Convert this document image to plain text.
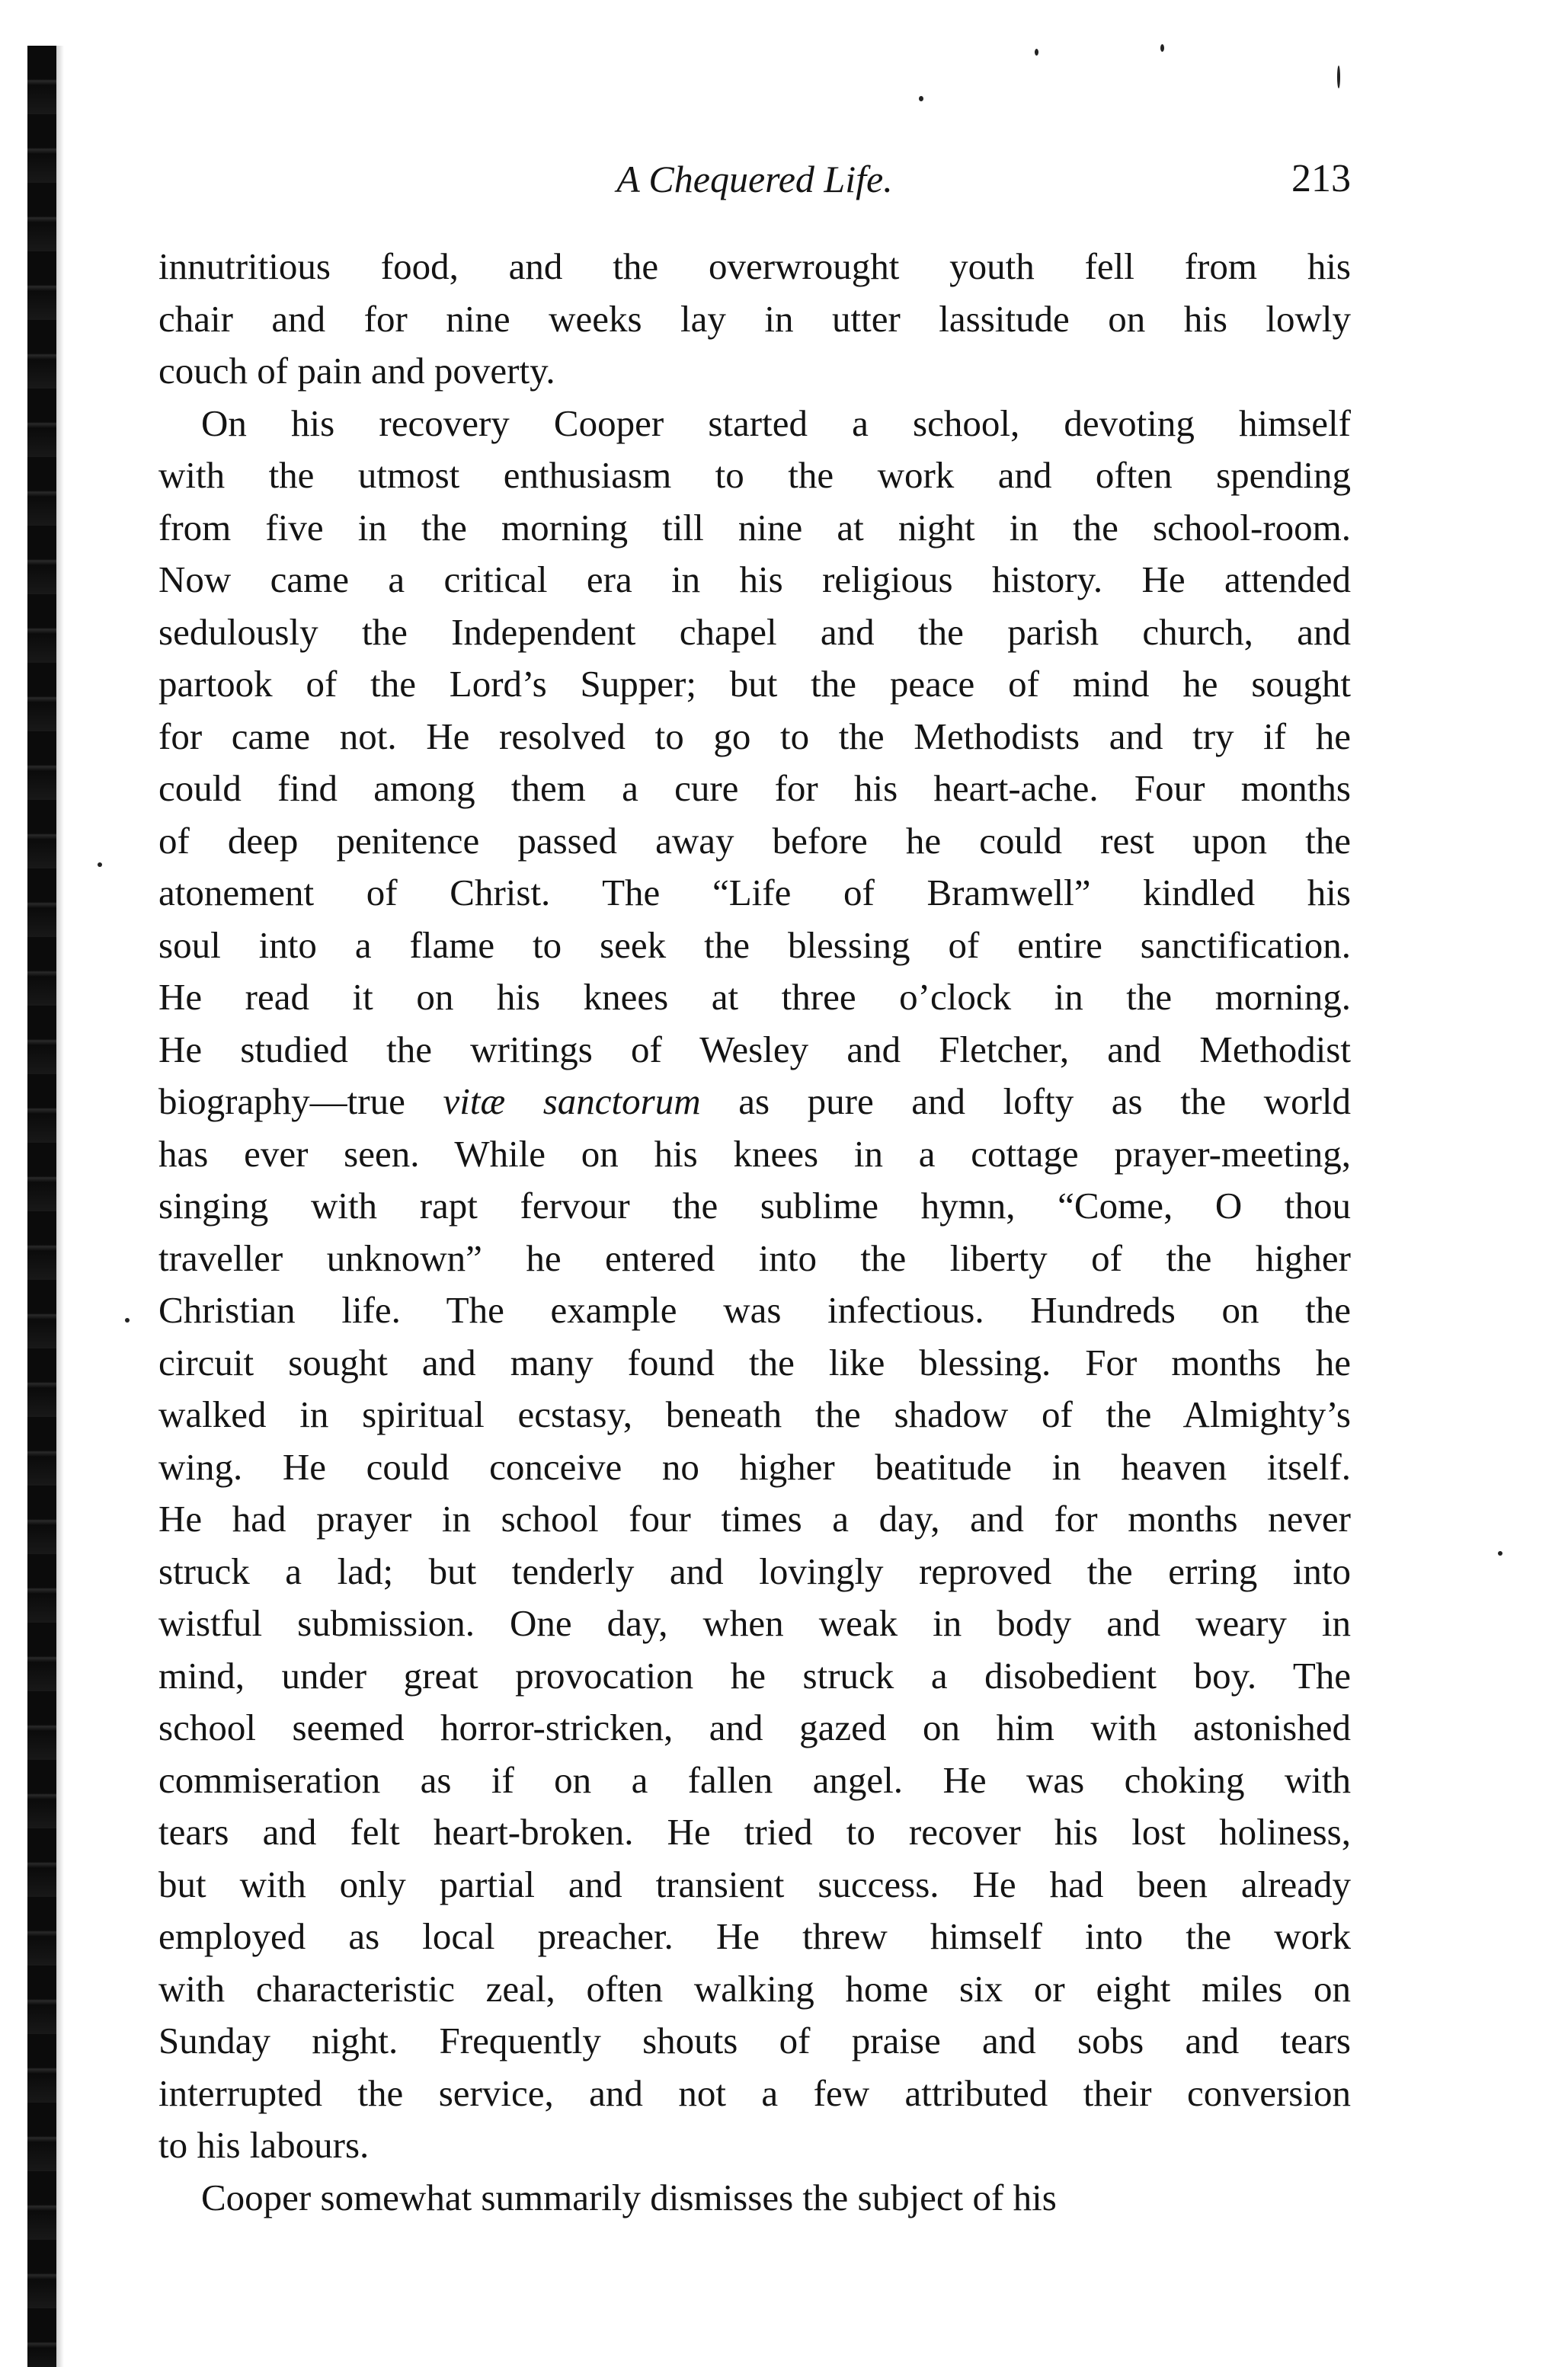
A Chequered Life.	213
innutritious food, and the overwrought youth fell from his
chair and for nine weeks lay in utter lassitude on his lowly
couch of pain and poverty.
On his recovery Cooper started a school, devoting himself
with the utmost enthusiasm to the work and often spending
from five in the morning till nine at night in the school-room.
Now came a critical era in his religious history. He attended
sedulously the Independent chapel and the parish church, and
partook of the Lord’s Supper; but the peace of mind he sought
for came not. He resolved to go to the Methodists and try if he
could find among them a cure for his heart-ache. Four months
of deep penitence passed away before he could rest upon the
atonement of Christ. The “Life of Bramwell” kindled his
soul into a flame to seek the blessing of entire sanctification.
He read it on his knees at three o’clock in the morning.
He studied the writings of Wesley and Fletcher, and Methodist
biography—true vitæ sanctorum as pure and lofty as the world
has ever seen. While on his knees in a cottage prayer-meeting,
singing with rapt fervour the sublime hymn, “Come, O thou
traveller unknown” he entered into the liberty of the higher
Christian life. The example was infectious. Hundreds on the
circuit sought and many found the like blessing. For months he
walked in spiritual ecstasy, beneath the shadow of the Almighty’s
wing. He could conceive no higher beatitude in heaven itself.
He had prayer in school four times a day, and for months never
struck a lad; but tenderly and lovingly reproved the erring into
wistful submission. One day, when weak in body and weary in
mind, under great provocation he struck a disobedient boy. The
school seemed horror-stricken, and gazed on him with astonished
commiseration as if on a fallen angel. He was choking with
tears and felt heart-broken. He tried to recover his lost holiness,
but with only partial and transient success. He had been already
employed as local preacher. He threw himself into the work
with characteristic zeal, often walking home six or eight miles on
Sunday night. Frequently shouts of praise and sobs and tears
interrupted the service, and not a few attributed their conversion
to his labours.
Cooper somewhat summarily dismisses the subject of his
